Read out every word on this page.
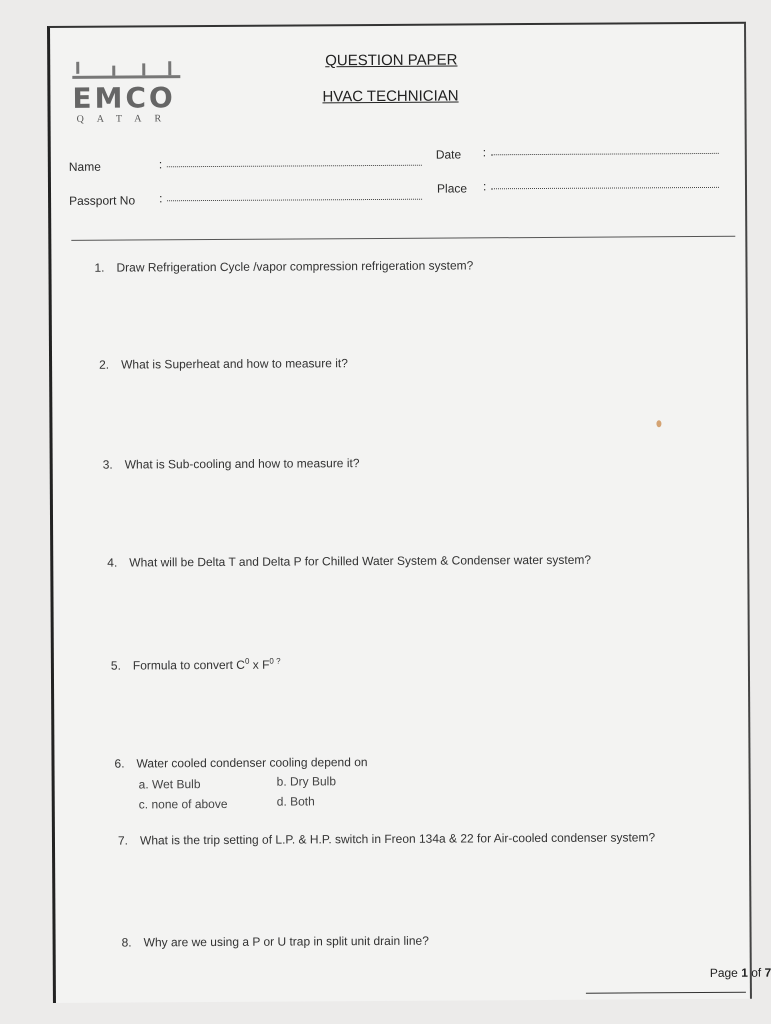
EMCO
QATAR
QUESTION PAPER
HVAC TECHNICIAN
Name	:
Date :
Passport No :
Place :
1. Draw Refrigeration Cycle /vapor compression refrigeration system?
2. What is Superheat and how to measure it?
3. What is Sub-cooling and how to measure it?
4. What will be Delta T and Delta P for Chilled Water System & Condenser water system?
5. Formula to convert $C^0$ x $F^{0 ?}$
6. Water cooled condenser cooling depend on
a. Wet Bulb	b. Dry Bulb
c. none of above	d. Both
7. What is the trip setting of L.P. & H.P. switch in Freon 134a & 22 for Air-cooled condenser system?
8. Why are we using a P or U trap in split unit drain line?
Page 1 of 7
